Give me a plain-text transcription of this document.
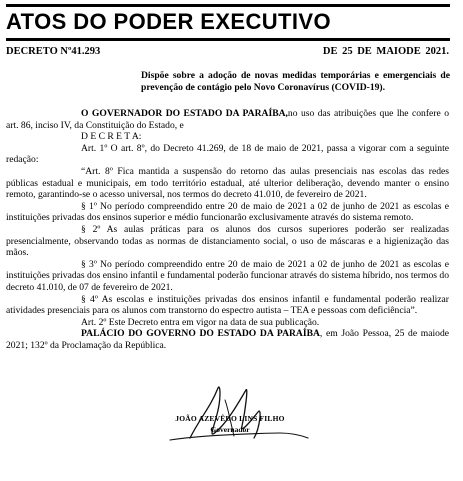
ATOS DO PODER EXECUTIVO
DECRETO Nº41.293	DE 25 DE MAIODE 2021.
Dispõe sobre a adoção de novas medidas temporárias e emergenciais de prevenção de contágio pelo Novo Coronavírus (COVID-19).

O GOVERNADOR DO ESTADO DA PARAÍBA,no uso das atribuições que lhe confere o art. 86, inciso IV, da Constituição do Estado, e

D E C R E T A:

Art. 1º O art. 8º, do Decreto 41.269, de 18 de maio de 2021, passa a vigorar com a seguinte redação:

“Art. 8º Fica mantida a suspensão do retorno das aulas presenciais nas escolas das redes públicas estadual e municipais, em todo território estadual, até ulterior deliberação, devendo manter o ensino remoto, garantindo-se o acesso universal, nos termos do decreto 41.010, de fevereiro de 2021.

§ 1º No período compreendido entre 20 de maio de 2021 a 02 de junho de 2021 as escolas e instituições privadas dos ensinos superior e médio funcionarão exclusivamente através do sistema remoto.

§ 2º As aulas práticas para os alunos dos cursos superiores poderão ser realizadas presencialmente, observando todas as normas de distanciamento social, o uso de máscaras e a higienização das mãos.

§ 3º No período compreendido entre 20 de maio de 2021 a 02 de junho de 2021 as escolas e instituições privadas dos ensino infantil e fundamental poderão funcionar através do sistema híbrido, nos termos do decreto 41.010, de 07 de fevereiro de 2021.

§ 4º As escolas e instituições privadas dos ensinos infantil e fundamental poderão realizar atividades presenciais para os alunos com transtorno do espectro autista – TEA e pessoas com deficiência”.

Art. 2º Este Decreto entra em vigor na data de sua publicação.

PALÁCIO DO GOVERNO DO ESTADO DA PARAÍBA, em João Pessoa, 25 de maiode 2021; 132º da Proclamação da República.

JOÃO AZEVÊDO LINS FILHO
Governador
